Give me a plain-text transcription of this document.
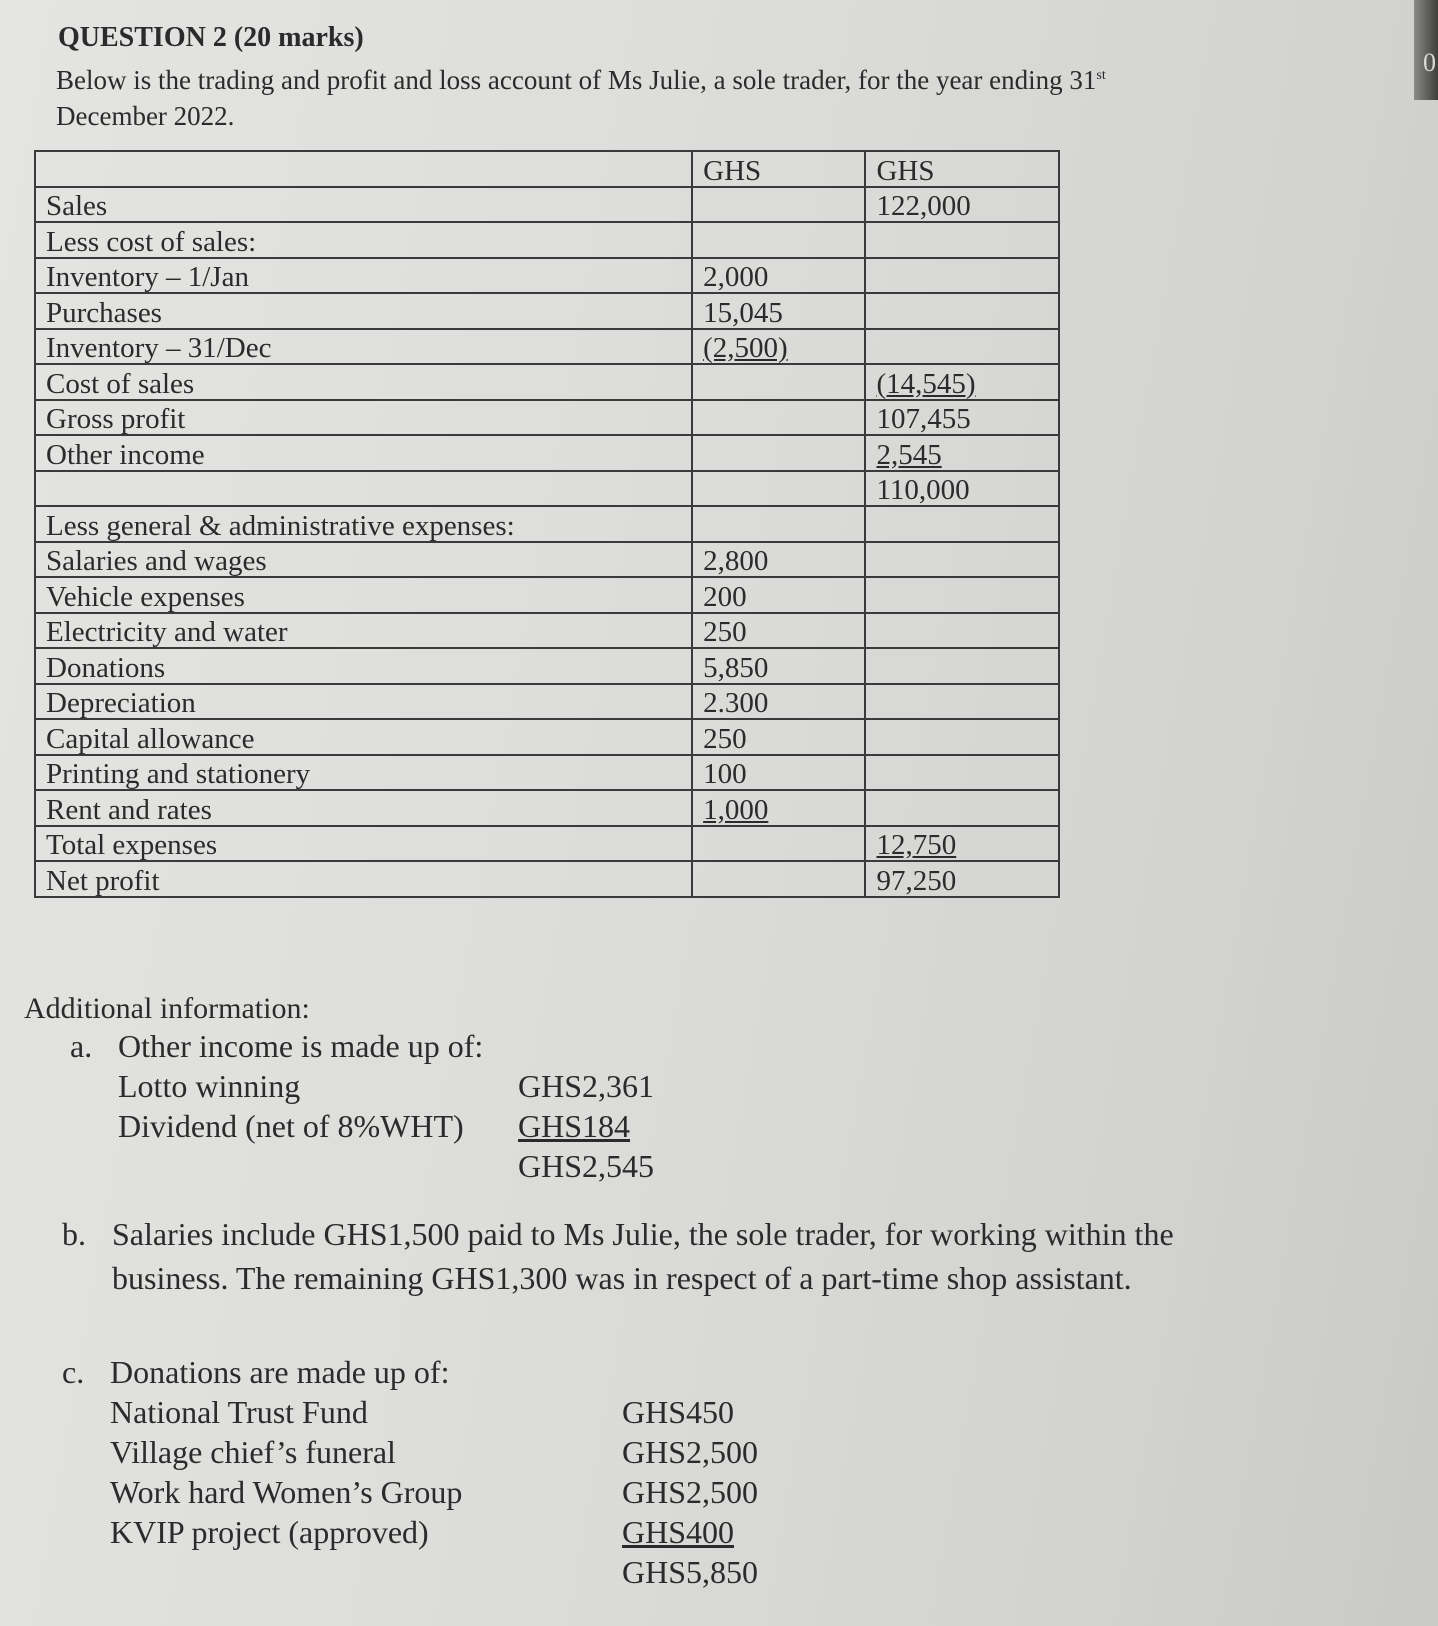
0
QUESTION 2 (20 marks)
Below is the trading and profit and loss account of Ms Julie, a sole trader, for the year ending 31st December 2022.
	GHS	GHS
Sales		122,000
Less cost of sales:		
Inventory – 1/Jan	2,000	
Purchases	15,045	
Inventory – 31/Dec	(2,500)	
Cost of sales		(14,545)
Gross profit		107,455
Other income		2,545
		110,000
Less general & administrative expenses:		
Salaries and wages	2,800	
Vehicle expenses	200	
Electricity and water	250	
Donations	5,850	
Depreciation	2.300	
Capital allowance	250	
Printing and stationery	100	
Rent and rates	1,000	
Total expenses		12,750
Net profit		97,250
Additional information:
a. Other income is made up of:
Lotto winning	GHS2,361
Dividend (net of 8%WHT) GHS184
GHS2,545
b. Salaries include GHS1,500 paid to Ms Julie, the sole trader, for working within the business. The remaining GHS1,300 was in respect of a part-time shop assistant.
c. Donations are made up of:
National Trust Fund	GHS450
Village chief’s funeral	GHS2,500
Work hard Women’s Group	GHS2,500
KVIP project (approved)	GHS400
GHS5,850
